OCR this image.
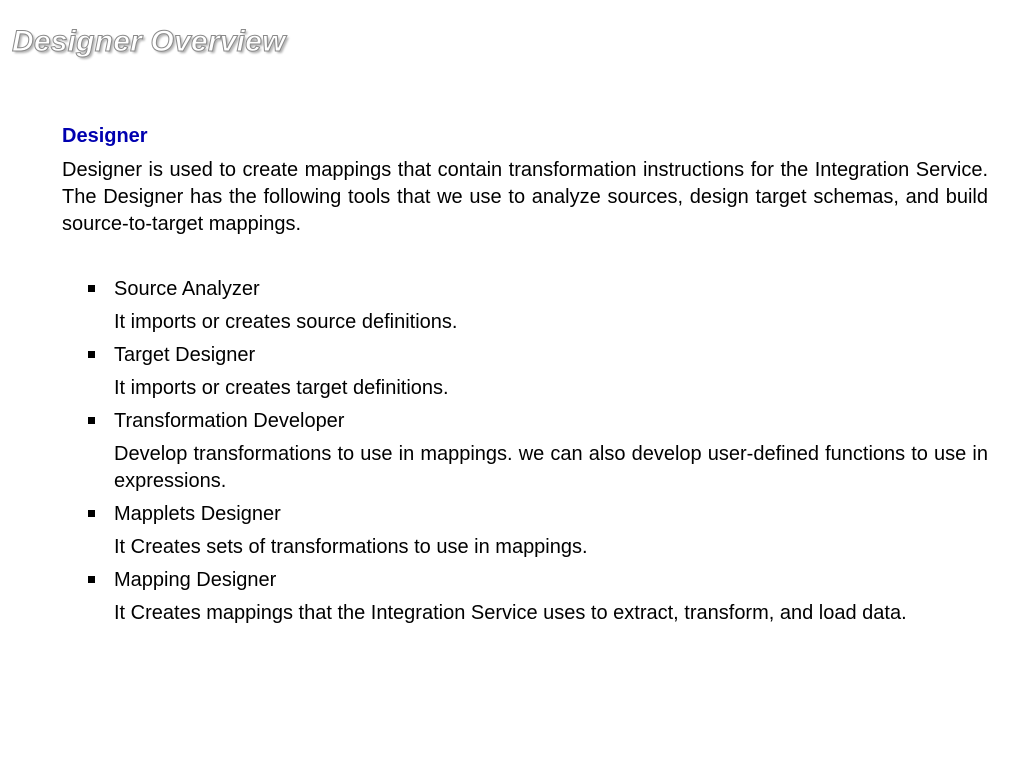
Designer Overview
Designer

Designer is used to create mappings that contain transformation instructions for the Integration Service. The Designer has the following tools that we use to analyze sources, design target schemas, and build source-to-target mappings.

Source Analyzer
It imports or creates source definitions.
Target Designer
It imports or creates target definitions.
Transformation Developer
Develop transformations to use in mappings. we can also develop user-defined functions to use in expressions.
Mapplets Designer
It Creates sets of transformations to use in mappings.
Mapping Designer
It Creates mappings that the Integration Service uses to extract, transform, and load data.
